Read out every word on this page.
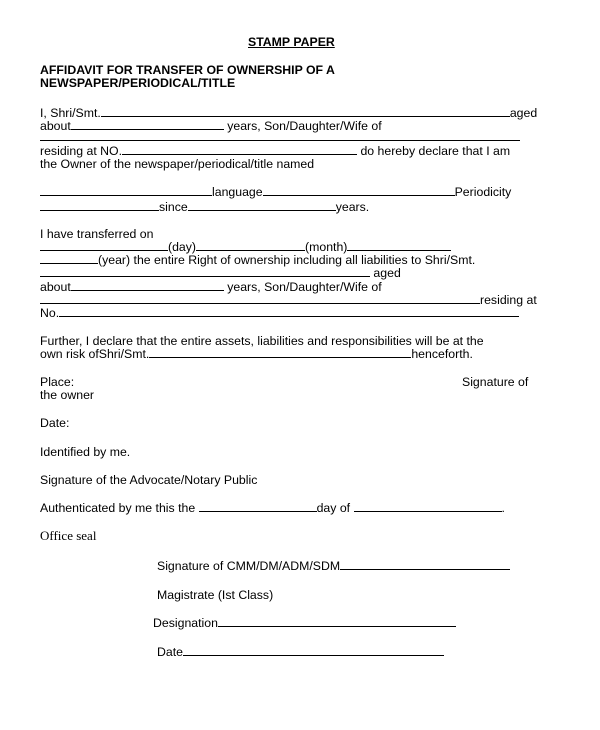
STAMP PAPER
AFFIDAVIT FOR TRANSFER OF OWNERSHIP OF A
NEWSPAPER/PERIODICAL/TITLE
I, Shri/Smt.	aged
about	years, Son/Daughter/Wife of
residing at NO.	do hereby declare that I am
the Owner of the newspaper/periodical/title named
language	Periodicity
since	years.
I have transferred on
(day)	(month)
(year) the entire Right of ownership including all liabilities to Shri/Smt.
aged
about	years, Son/Daughter/Wife of
residing at
No.
Further, I declare that the entire assets, liabilities and responsibilities will be at the
own risk ofShri/Smt.	henceforth.
Place:	Signature of
the owner
Date:
Identified by me.
Signature of the Advocate/Notary Public
Authenticated by me this the	day of	.
Office seal
Signature of CMM/DM/ADM/SDM
Magistrate (Ist Class)
Designation
Date
